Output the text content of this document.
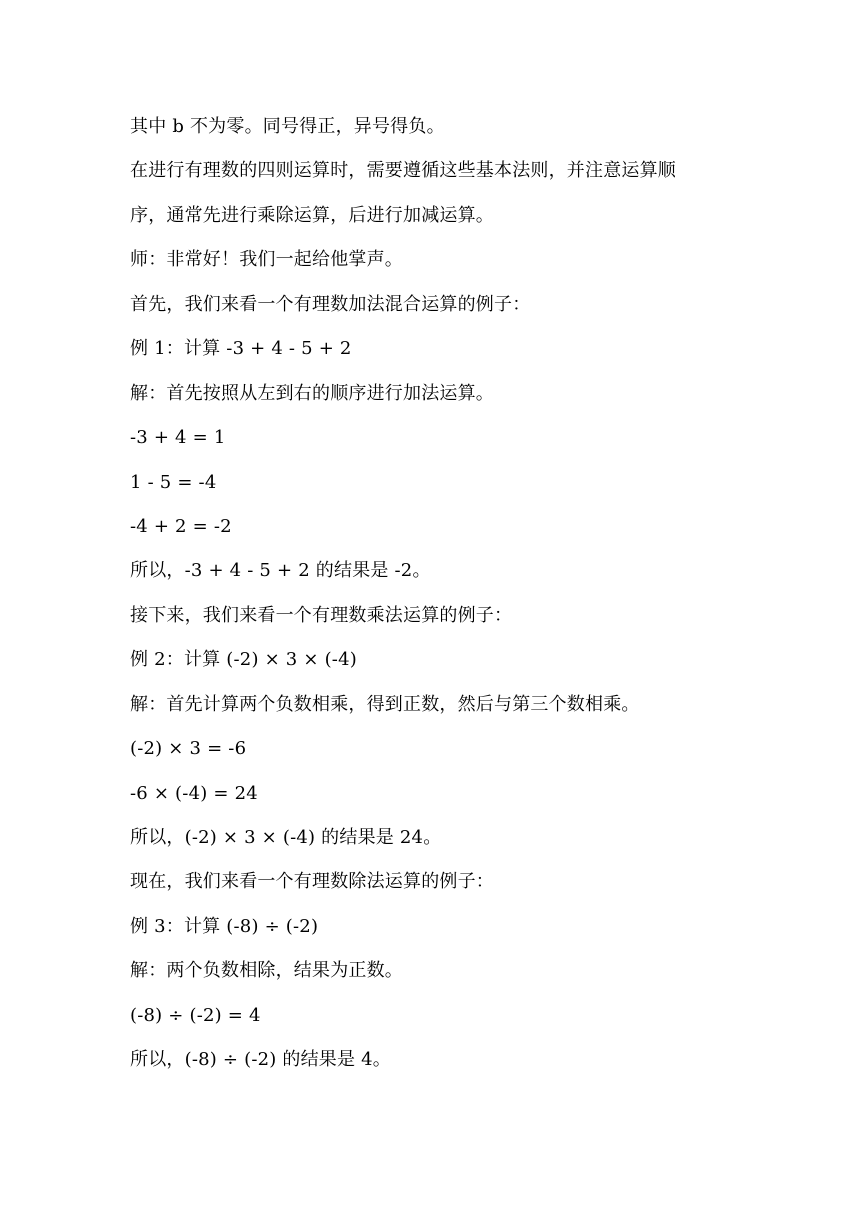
其中 b 不为零。同号得正，异号得负。

在进行有理数的四则运算时，需要遵循这些基本法则，并注意运算顺

序，通常先进行乘除运算，后进行加减运算。

师：非常好！我们一起给他掌声。

首先，我们来看一个有理数加法混合运算的例子：

例 1：计算 -3 + 4 - 5 + 2

解：首先按照从左到右的顺序进行加法运算。

-3 + 4 = 1

1 - 5 = -4

-4 + 2 = -2

所以，-3 + 4 - 5 + 2 的结果是 -2。

接下来，我们来看一个有理数乘法运算的例子：

例 2：计算 (-2) × 3 × (-4)

解：首先计算两个负数相乘，得到正数，然后与第三个数相乘。

(-2) × 3 = -6

-6 × (-4) = 24

所以，(-2) × 3 × (-4) 的结果是 24。

现在，我们来看一个有理数除法运算的例子：

例 3：计算 (-8) ÷ (-2)

解：两个负数相除，结果为正数。

(-8) ÷ (-2) = 4

所以，(-8) ÷ (-2) 的结果是 4。
